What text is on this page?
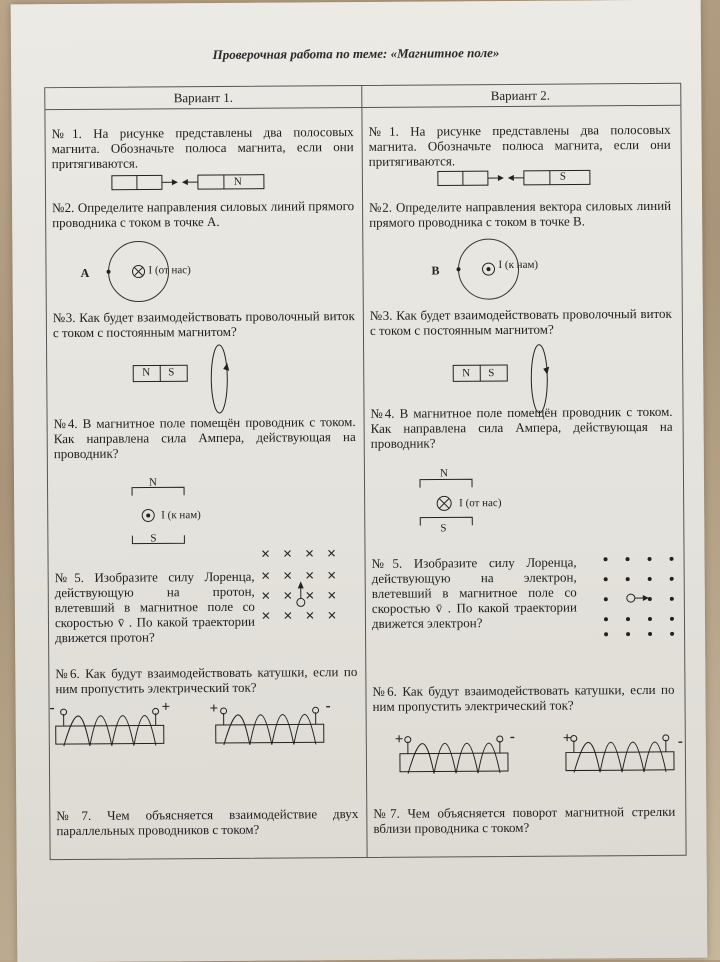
Проверочная работа по теме: «Магнитное поле»
Вариант 1.	Вариант 2.
№1. На рисунке представлены два полосовых магнита. Обозначьте полюса магнита, если они притягиваются.
N
№2. Определите направления силовых линий прямого проводника с током в точке А.
A	I (от нас)
№3. Как будет взаимодействовать проволочный виток с током с постоянным магнитом?
N S
№4. В магнитное поле помещён проводник с током. Как направлена сила Ампера, действующая на проводник?
N
I (к нам)
S
№5. Изобразите силу Лоренца, действующую на протон, влетевший в магнитное поле со скоростью v̄ . По какой траектории движется протон?
№6. Как будут взаимодействовать катушки, если по ним пропустить электрический ток?
-	+	+	-
№7. Чем объясняется взаимодействие двух параллельных проводников с током?
№1. На рисунке представлены два полосовых магнита. Обозначьте полюса магнита, если они притягиваются.
S
№2. Определите направления вектора силовых линий прямого проводника с током в точке В.
B	I (к нам)
№3. Как будет взаимодействовать проволочный виток с током с постоянным магнитом?
N S
№4. В магнитное поле помещён проводник с током. Как направлена сила Ампера, действующая на проводник?
N
I (от нас)
S
№5. Изобразите силу Лоренца, действующую на электрон, влетевший в магнитное поле со скоростью v̄ . По какой траектории движется электрон?
№6. Как будут взаимодействовать катушки, если по ним пропустить электрический ток?
+	-	+	-
№7. Чем объясняется поворот магнитной стрелки вблизи проводника с током?
